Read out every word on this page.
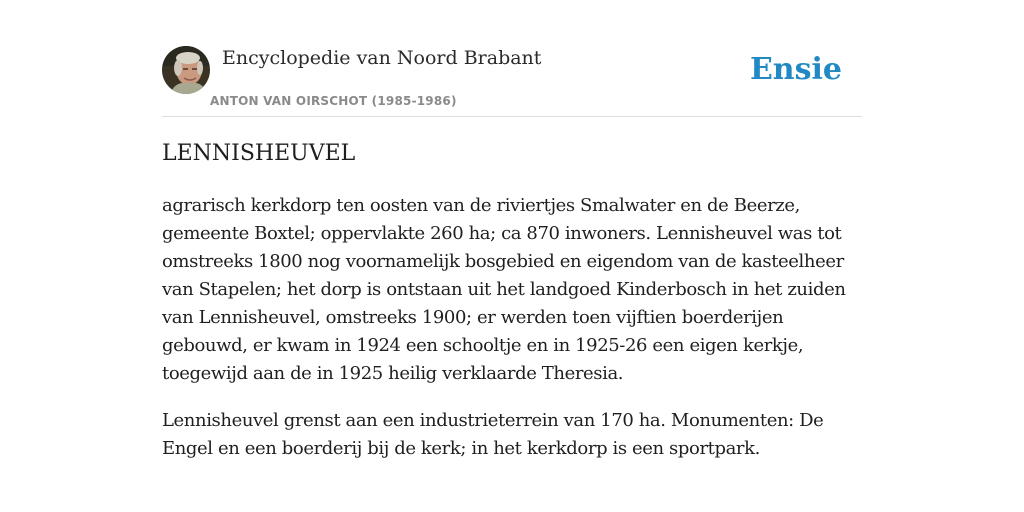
Encyclopedie van Noord Brabant
ANTON VAN OIRSCHOT (1985-1986)
Ensie
LENNISHEUVEL

agrarisch kerkdorp ten oosten van de riviertjes Smalwater en de Beerze, gemeente Boxtel; oppervlakte 260 ha; ca 870 inwoners. Lennisheuvel was tot omstreeks 1800 nog voornamelijk bosgebied en eigendom van de kasteelheer van Stapelen; het dorp is ontstaan uit het landgoed Kinderbosch in het zuiden van Lennisheuvel, omstreeks 1900; er werden toen vijftien boerderijen gebouwd, er kwam in 1924 een schooltje en in 1925-26 een eigen kerkje, toegewijd aan de in 1925 heilig verklaarde Theresia.

Lennisheuvel grenst aan een industrieterrein van 170 ha. Monumenten: De Engel en een boerderij bij de kerk; in het kerkdorp is een sportpark.
